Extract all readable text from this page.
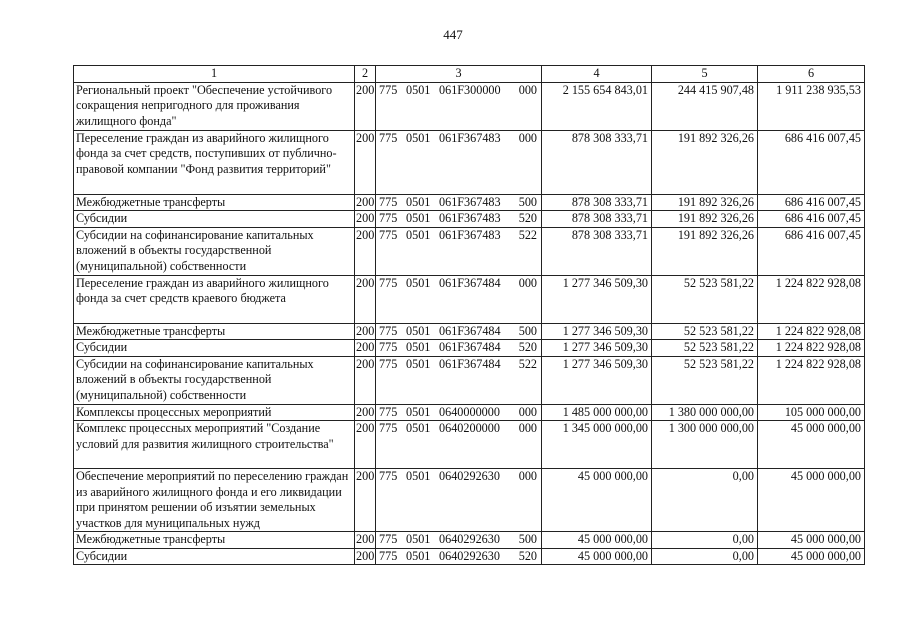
447
1	2	3	4	5	6
Региональный проект "Обеспечение устойчивого сокращения непригодного для проживания жилищного фонда"	200	775 0501 061F300000 000	2 155 654 843,01	244 415 907,48	1 911 238 935,53
Переселение граждан из аварийного жилищного фонда за счет средств, поступивших от публично-правовой компании "Фонд развития территорий"	200	775 0501 061F367483 000	878 308 333,71	191 892 326,26	686 416 007,45
Межбюджетные трансферты	200	775 0501 061F367483 500	878 308 333,71	191 892 326,26	686 416 007,45
Субсидии	200	775 0501 061F367483 520	878 308 333,71	191 892 326,26	686 416 007,45
Субсидии на софинансирование капитальных вложений в объекты государственной (муниципальной) собственности	200	775 0501 061F367483 522	878 308 333,71	191 892 326,26	686 416 007,45
Переселение граждан из аварийного жилищного фонда за счет средств краевого бюджета	200	775 0501 061F367484 000	1 277 346 509,30	52 523 581,22	1 224 822 928,08
Межбюджетные трансферты	200	775 0501 061F367484 500	1 277 346 509,30	52 523 581,22	1 224 822 928,08
Субсидии	200	775 0501 061F367484 520	1 277 346 509,30	52 523 581,22	1 224 822 928,08
Субсидии на софинансирование капитальных вложений в объекты государственной (муниципальной) собственности	200	775 0501 061F367484 522	1 277 346 509,30	52 523 581,22	1 224 822 928,08
Комплексы процессных мероприятий	200	775 0501 0640000000 000	1 485 000 000,00	1 380 000 000,00	105 000 000,00
Комплекс процессных мероприятий "Создание условий для развития жилищного строительства"	200	775 0501 0640200000 000	1 345 000 000,00	1 300 000 000,00	45 000 000,00
Обеспечение мероприятий по переселению граждан из аварийного жилищного фонда и его ликвидации при принятом решении об изъятии земельных участков для муниципальных нужд	200	775 0501 0640292630 000	45 000 000,00	0,00	45 000 000,00
Межбюджетные трансферты	200	775 0501 0640292630 500	45 000 000,00	0,00	45 000 000,00
Субсидии	200	775 0501 0640292630 520	45 000 000,00	0,00	45 000 000,00
